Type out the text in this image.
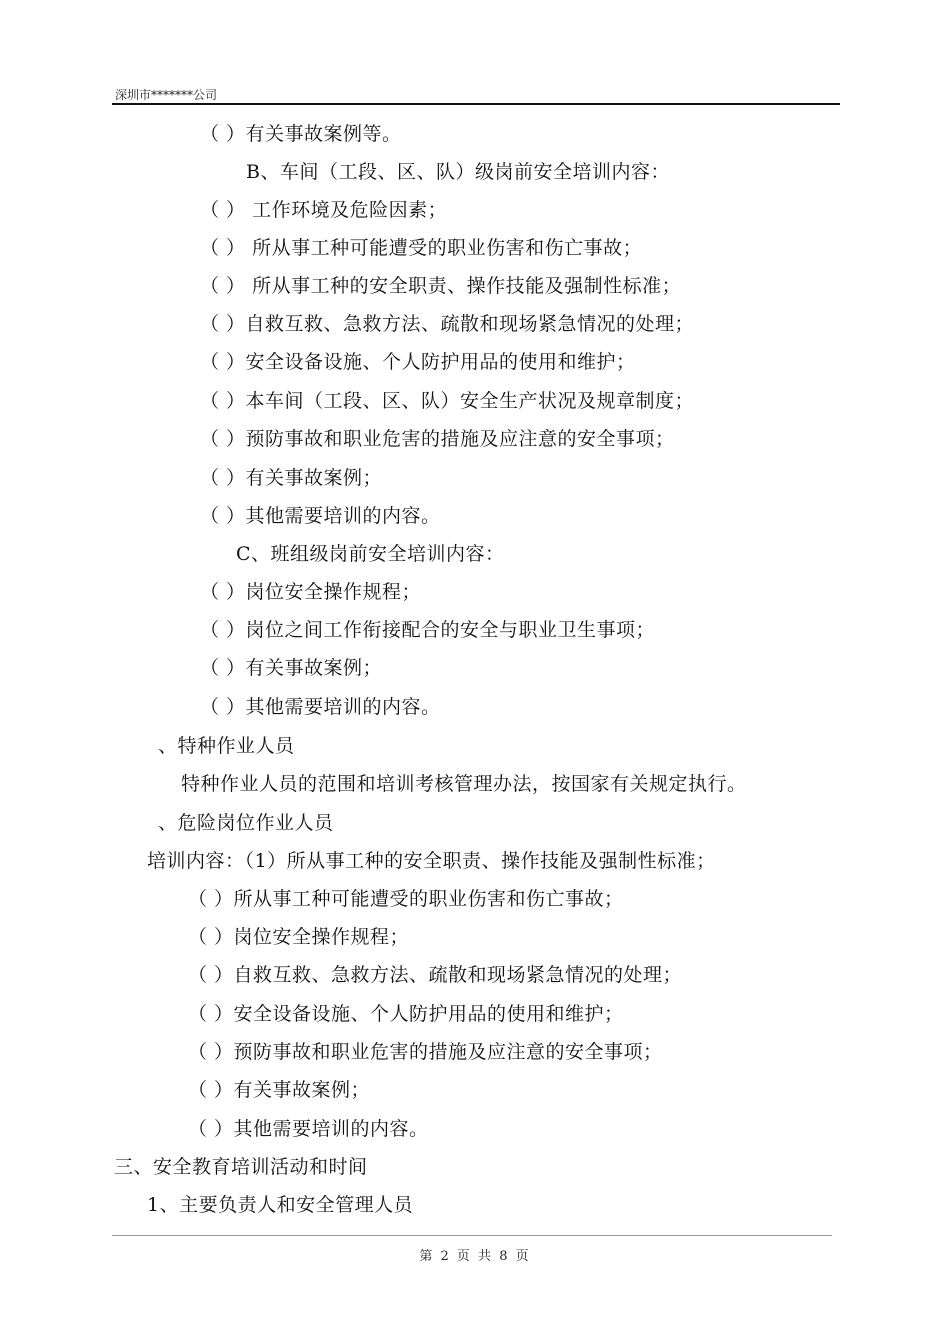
深圳市*******公司
（ ）有关事故案例等。
B、车间（工段、区、队）级岗前安全培训内容：
（ ） 工作环境及危险因素；
（ ） 所从事工种可能遭受的职业伤害和伤亡事故；
（ ） 所从事工种的安全职责、操作技能及强制性标准；
（ ）自救互救、急救方法、疏散和现场紧急情况的处理；
（ ）安全设备设施、个人防护用品的使用和维护；
（ ）本车间（工段、区、队）安全生产状况及规章制度；
（ ）预防事故和职业危害的措施及应注意的安全事项；
（ ）有关事故案例；
（ ）其他需要培训的内容。
C、班组级岗前安全培训内容：
（ ）岗位安全操作规程；
（ ）岗位之间工作衔接配合的安全与职业卫生事项；
（ ）有关事故案例；
（ ）其他需要培训的内容。
、特种作业人员
特种作业人员的范围和培训考核管理办法，按国家有关规定执行。
、危险岗位作业人员
培训内容：（1）所从事工种的安全职责、操作技能及强制性标准；
（ ）所从事工种可能遭受的职业伤害和伤亡事故；
（ ）岗位安全操作规程；
（ ）自救互救、急救方法、疏散和现场紧急情况的处理；
（ ）安全设备设施、个人防护用品的使用和维护；
（ ）预防事故和职业危害的措施及应注意的安全事项；
（ ）有关事故案例；
（ ）其他需要培训的内容。
三、安全教育培训活动和时间
1、主要负责人和安全管理人员
第 2 页 共 8 页
